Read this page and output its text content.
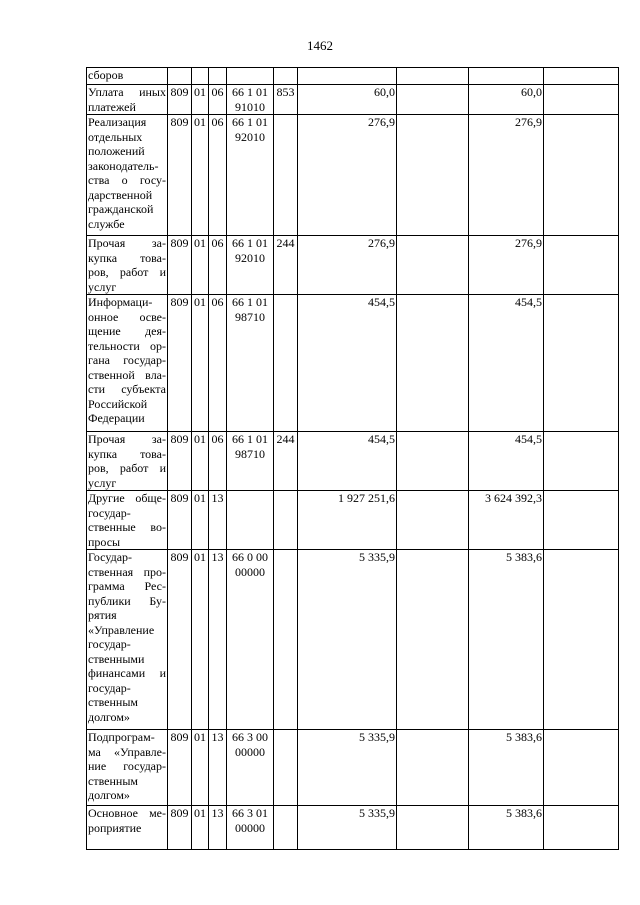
1462
сборов									
Уплата иных платежей	809	01	06	66 1 01 91010	853	60,0		60,0	
Реализация отдельных положений законодатель-ства о госу-дарственной гражданской службе	809	01	06	66 1 01 92010		276,9		276,9	
Прочая за-купка това-ров, работ и услуг	809	01	06	66 1 01 92010	244	276,9		276,9	
Информаци-онное осве-щение дея-тельности ор-гана государ-ственной вла-сти субъекта Российской Федерации	809	01	06	66 1 01 98710		454,5		454,5	
Прочая за-купка това-ров, работ и услуг	809	01	06	66 1 01 98710	244	454,5		454,5	
Другие обще-государ-ственные во-просы	809	01	13			1 927 251,6		3 624 392,3	
Государ-ственная про-грамма Рес-публики Бу-рятия «Управление государ-ственными финансами и государ-ственным долгом»	809	01	13	66 0 00 00000		5 335,9		5 383,6	
Подпрограм-ма «Управле-ние государ-ственным долгом»	809	01	13	66 3 00 00000		5 335,9		5 383,6	
Основное ме-роприятие	809	01	13	66 3 01 00000		5 335,9		5 383,6	
